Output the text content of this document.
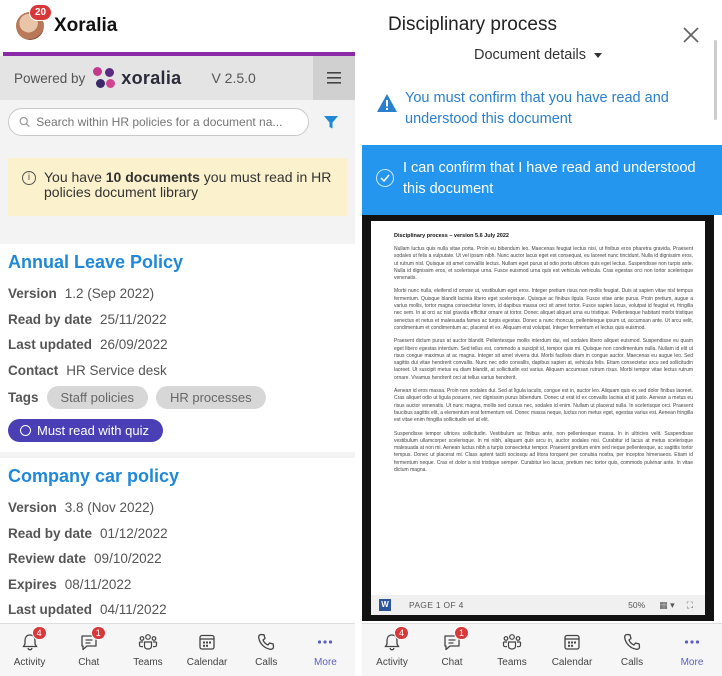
20
Xoralia
Powered by xoralia V 2.5.0
Search within HR policies for a document na...
i You have 10 documents you must read in HR policies document library
Annual Leave Policy
Version 1.2 (Sep 2022)
Read by date 25/11/2022
Last updated 26/09/2022
Contact HR Service desk
Tags	Staff policies	HR processes
Must read with quiz
Company car policy
Version 3.8 (Nov 2022)
Read by date 01/12/2022
Review date 09/10/2022
Expires 08/11/2022
Last updated 04/11/2022
4
Activity
1
Chat	Teams Calendar	Calls	More
Disciplinary process
Document details
You must confirm that you have read and understood this document
I can confirm that I have read and understood this document
Disciplinary process – version 5.6 July 2022
Nullam luctus quis nulla vitae porta. Proin eu bibendum leo. Maecenas feugiat lectus nisi, ut finibus eros pharetra gravida. Praesent sodales ut felis a vulputate. Ut vel ipsum nibh. Nunc auctor lacus eget est consequat, eu laoreet nunc tincidunt. Nulla id dignissim eros, ut rutrum nisl. Quisque sit amet convallis lectus. Nullam eget purus at odio porta ultrices quis eget lectus. Suspendisse non turpis ante. Nulla id dignissim eros, et scelerisque urna. Fusce euismod urna quis est vehicula vehicula. Cras egestas orci non tortor scelerisque venenatis.
Morbi nunc nulla, eleifend id ornare ut, vestibulum eget eros. Integer pretium risus non mollis feugiat. Duis at sapien vitae nisl tempus fermentum. Quisque blandit lacinia libero eget scelerisque. Quisque ac finibus ligula. Fusce vitae ante purus. Proin pretium, augue a varius mollis, tortor magna consectetur lorem, id dapibus massa orci sit amet tortor. Fusce sapien lacus, volutpat id feugiat et, fringilla nec sem. In at orci ac nisl gravida efficitur ornare at tortor. Donec aliquet aliquet urna eu tristique. Pellentesque habitant morbi tristique senectus et netus et malesuada fames ac turpis egestas. Donec a nunc rhoncus, pellentesque ipsum ut, accumsan ante. Ut arcu velit, condimentum et condimentum ac, placerat et ex. Aliquam erat volutpat. Integer fermentum et lectus quis euismod.
Praesent dictum purus at auctor blandit. Pellentesque mollis interdum dui, vel sodales libero aliquet euismod. Suspendisse eu quam eget libero egestas interdum. Sed tellus est, commodo a suscipit id, tempor quis mi. Quisque non condimentum nulla. Nullam id elit ut risus congue maximus at ac magna. Integer sit amet viverra dui. Morbi facilisis diam in congue auctor. Maecenas eu augue leo. Sed sagittis dui vitae hendrerit convallis. Nunc nec odio convallis, dapibus sapien at, vehicula felis. Etiam consectetur arcu sed sollicitudin laoreet. Ut suscipit metus eu diam blandit, at sollicitudin est varius. Aliquam accumsan rutrum risus. Morbi tempor vitae lectus rutrum ornare. Vivamus hendrerit orci at tellus varius hendrerit.
Aenean id eros massa. Proin non sodales dui. Sed at ligula iaculis, congue est in, auctor leo. Aliquam quis ex sed dolor finibus laoreet. Cras aliquet odio ut ligula posuere, nec dignissim purus bibendum. Donec ut erat id ex convallis lacinia at id justo. Aenean a metus eu risus auctor venenatis. Ut nunc magna, mollis sed cursus nec, sodales id enim. Nullam ut placerat nulla. In scelerisque orci. Praesent faucibus sagittis elit, a elementum erat fermentum vel. Donec massa neque, luctus non metus eget, egestas varius est. Aenean fringilla est vitae enim fringilla sollicitudin vel at elit.
Suspendisse tempor ultrices sollicitudin. Vestibulum ac finibus ante, non pellentesque massa. In in ultricies velit. Suspendisse vestibulum ullamcorper scelerisque. In mi nibh, aliquam quis arcu in, auctor sodales nisi. Curabitur id lacus at metus scelerisque malesuada at non mi. Aenean luctus nibh a turpis consectetur tempor. Praesent pretium enim sed neque pellentesque, ac sagittis tortor tempus. Donec ut placerat mi. Class aptent taciti sociosqu ad litora torquent per conubia nostra, per inceptos himenaeos. Etiam id fermentum neque. Cras et dolor a nisi tristique semper. Curabitur leo lacus, pretium nec tortor quis, commodo pulvinar ante. In vitae dictum magna.
W PAGE 1 OF 4	50% ▦ ▾ ⛶
4
Activity
1
Chat	Teams Calendar	Calls	More
